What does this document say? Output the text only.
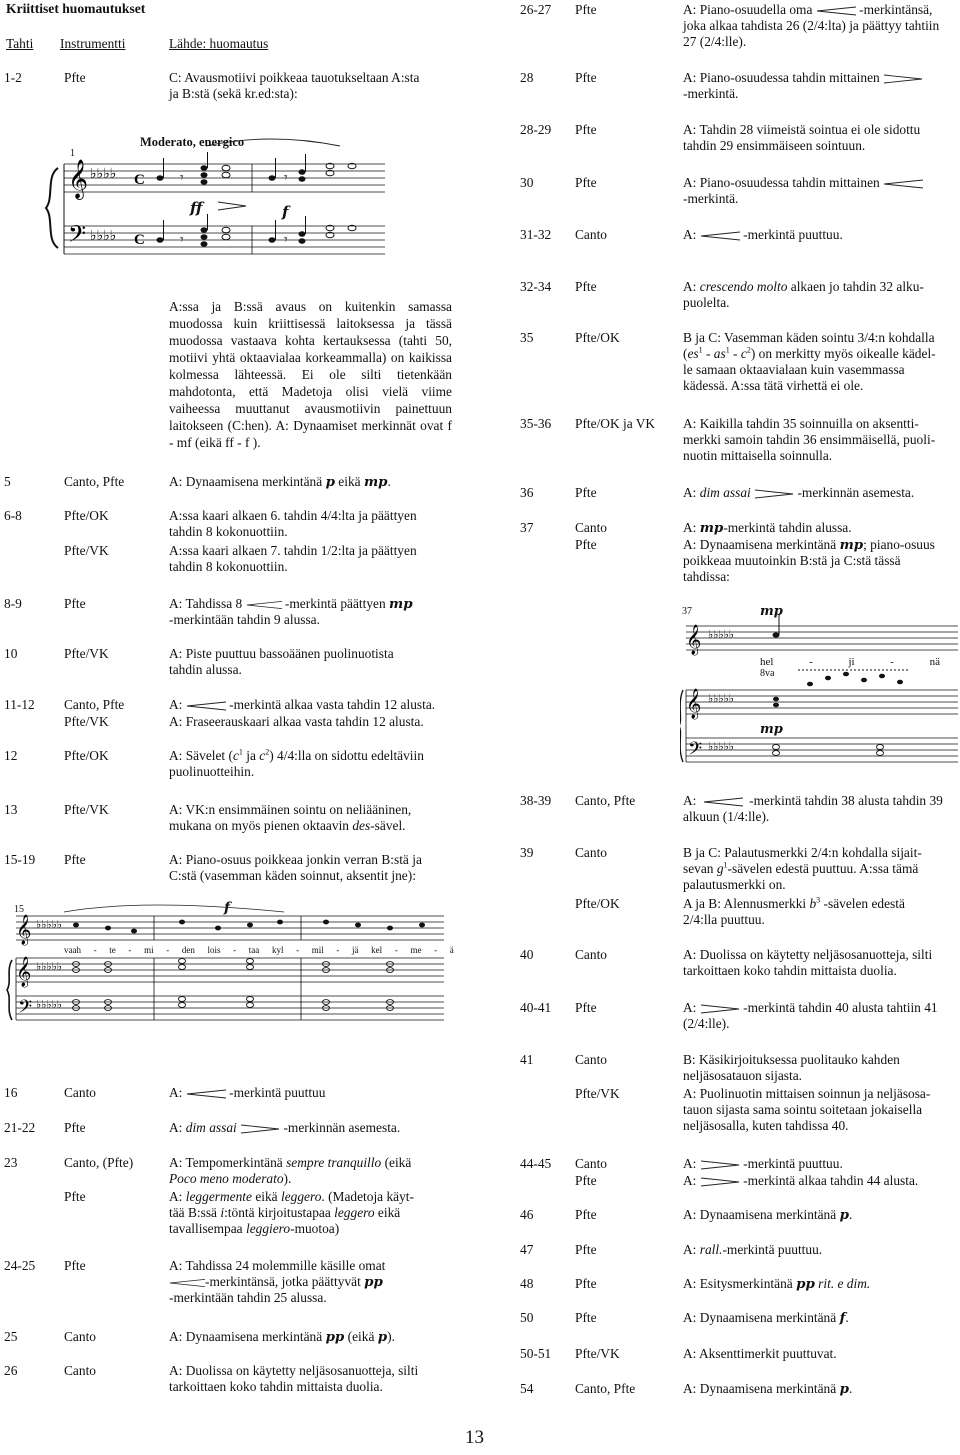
Kriittiset huomautukset
Tahti Instrumentti	Lähde: huomautus
1-2	Pfte	C: Avausmotiivi poikkeaa tauotukseltaan A:sta
ja B:stä (sekä kr.ed:sta):
Moderato, energico
1
𝄞
𝄢
♭♭♭♭
♭♭♭♭
C
C
𝄾
𝄾
𝄾
𝄾
ff	f
A:ssa ja B:ssä avaus on kuitenkin samassa muodossa kuin kriittisessä laitoksessa ja tässä muodossa vastaava kohta kertauksessa (tahti 50, motiivi yhtä oktaavialaa korkeammalla) on kaikissa kolmessa lähteessä. Ei ole silti tietenkään mahdotonta, että Madetoja olisi vielä viime vaiheessa muuttanut avausmotiivin painettuun laitokseen (C:hen). A: Dynaamiset merkinnät ovat f - mf (eikä ff - f ).
5	Canto, Pfte	A: Dynaamisena merkintänä p eikä mp.
6-8	Pfte/OK	A:ssa kaari alkaen 6. tahdin 4/4:lta ja päättyen
tahdin 8 kokonuottiin.
Pfte/VK	A:ssa kaari alkaen 7. tahdin 1/2:lta ja päättyen
tahdin 8 kokonuottiin.
8-9	Pfte	A: Tahdissa 8	-merkintä päättyen mp
-merkintään tahdin 9 alussa.
10	Pfte/VK	A: Piste puuttuu bassoäänen puolinuotista
tahdin alussa.
11-12 Canto, Pfte	A:	-merkintä alkaa vasta tahdin 12 alusta.
Pfte/VK	A: Fraseerauskaari alkaa vasta tahdin 12 alusta.
12	Pfte/OK	A: Sävelet ($c^1$ ja $c^2$) 4/4:lla on sidottu edeltäviin
puolinuotteihin.
13	Pfte/VK	A: VK:n ensimmäinen sointu on neliääninen,
mukana on myös pienen oktaavin des-sävel.
15-19 Pfte	A: Piano-osuus poikkeaa jonkin verran B:stä ja
C:stä (vasemman käden soinnut, aksentit jne):
15	f
𝄞
𝄞
𝄢
♭♭♭♭♭
♭♭♭♭♭
♭♭♭♭♭
vaah - te - mi - den lois - taa kyl - mil - jä kel - me - ä
16	Canto	A:	-merkintä puuttuu
21-22 Pfte	A: dim assai	-merkinnän asemesta.
23	Canto, (Pfte)	A: Tempomerkintänä sempre tranquillo (eikä
Poco meno moderato).
Pfte	A: leggermente eikä leggero. (Madetoja käyt-
tää B:ssä i:töntä kirjoitustapaa leggero eikä
tavallisempaa leggiero-muotoa)
24-25 Pfte	A: Tahdissa 24 molemmille käsille omat
-merkintänsä, jotka päättyvät pp
-merkintään tahdin 25 alussa.
25	Canto	A: Dynaamisena merkintänä pp (eikä p).
26	Canto	A: Duolissa on käytetty neljäsosanuotteja, silti
tarkoittaen koko tahdin mittaista duolia.
26-27 Pfte	A: Piano-osuudella oma	-merkintänsä,
joka alkaa tahdista 26 (2/4:lta) ja päättyy tahtiin
27 (2/4:lle).
28	Pfte	A: Piano-osuudessa tahdin mittainen
-merkintä.
28-29 Pfte	A: Tahdin 28 viimeistä sointua ei ole sidottu
tahdin 29 ensimmäiseen sointuun.
30	Pfte	A: Piano-osuudessa tahdin mittainen
-merkintä.
31-32 Canto	A:	-merkintä puuttuu.
32-34 Pfte	A: crescendo molto alkaen jo tahdin 32 alku-
puolelta.
35	Pfte/OK	B ja C: Vasemman käden sointu 3/4:n kohdalla
$(es^1 - as^1 - c^2)$ on merkitty myös oikealle kädel-
le samaan oktaavialaan kuin vasemmassa
kädessä. A:ssa tätä virhettä ei ole.
35-36 Pfte/OK ja VK A: Kaikilla tahdin 35 soinnuilla on aksentti-
merkki samoin tahdin 36 ensimmäisellä, puoli-
nuotin mittaisella soinnulla.
36	Pfte	A: dim assai	-merkinnän asemesta.
37	Canto	A: mp-merkintä tahdin alussa.
Pfte	A: Dynaamisena merkintänä mp; piano-osuus
poikkeaa muutoinkin B:stä ja C:stä tässä
tahdissa:
37	mp
hel	-	ji	-	nä
8va
mp
𝄞
𝄞
𝄢
♭♭♭♭♭
♭♭♭♭♭
♭♭♭♭♭
38-39 Canto, Pfte	A:	-merkintä tahdin 38 alusta tahdin 39
alkuun (1/4:lle).
39	Canto	B ja C: Palautusmerkki 2/4:n kohdalla sijait-
sevan $g^1$-sävelen edestä puuttuu. A:ssa tämä
palautusmerkki on.
Pfte/OK	A ja B: Alennusmerkki $b^3$ -sävelen edestä
2/4:lla puuttuu.
40	Canto	A: Duolissa on käytetty neljäsosanuotteja, silti
tarkoittaen koko tahdin mittaista duolia.
40-41 Pfte	A:	-merkintä tahdin 40 alusta tahtiin 41
(2/4:lle).
41	Canto	B: Käsikirjoituksessa puolitauko kahden
neljäsosatauon sijasta.
Pfte/VK	A: Puolinuotin mittaisen soinnun ja neljäsosa-
tauon sijasta sama sointu soitetaan jokaisella
neljäsosalla, kuten tahdissa 40.
44-45 Canto	A:	-merkintä puuttuu.
Pfte	A:	-merkintä alkaa tahdin 44 alusta.
46	Pfte	A: Dynaamisena merkintänä p.
47	Pfte	A: rall.-merkintä puuttuu.
48	Pfte	A: Esitysmerkintänä pp rit. e dim.
50	Pfte	A: Dynaamisena merkintänä f.
50-51 Pfte/VK	A: Aksenttimerkit puuttuvat.
54	Canto, Pfte	A: Dynaamisena merkintänä p.
13
